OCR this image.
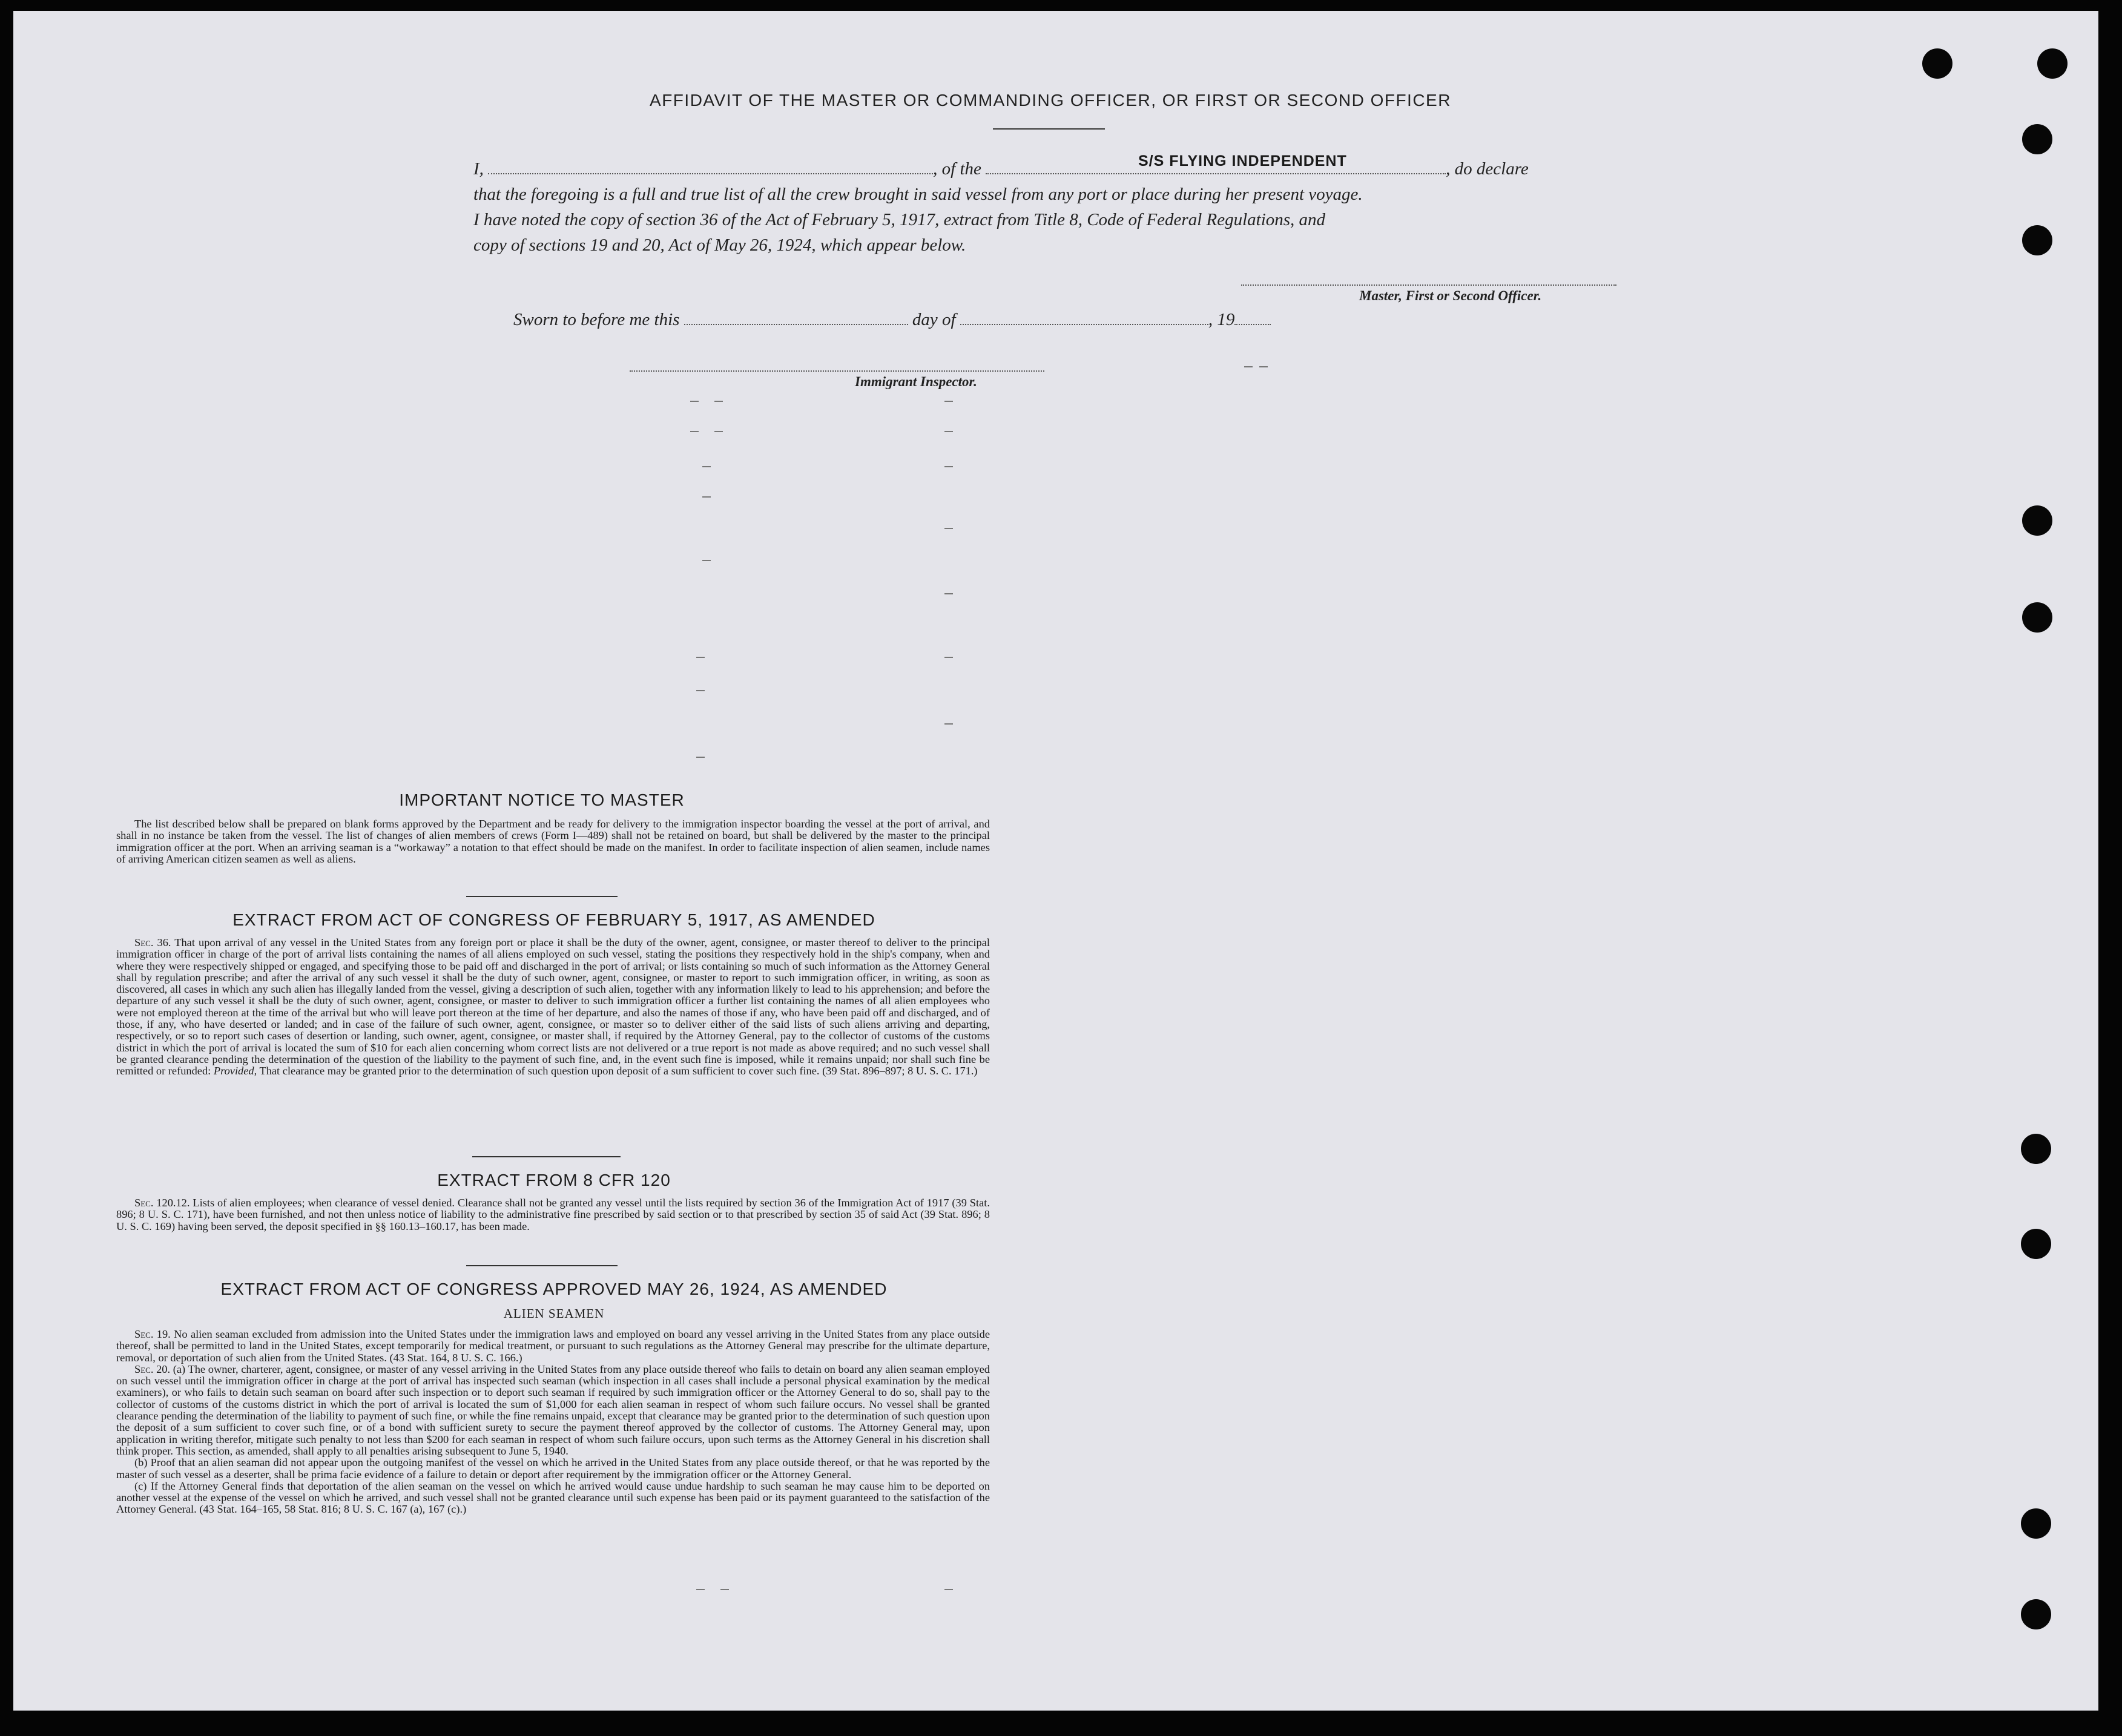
AFFIDAVIT OF THE MASTER OR COMMANDING OFFICER, OR FIRST OR SECOND OFFICER
I,	, of the	, do declare
that the foregoing is a full and true list of all the crew brought in said vessel from any port or place during her present voyage.
I have noted the copy of section 36 of the Act of February 5, 1917, extract from Title 8, Code of Federal Regulations, and
copy of sections 19 and 20, Act of May 26, 1924, which appear below.
S/S FLYING INDEPENDENT
Master, First or Second Officer.
Sworn to before me this	day of	, 19
Immigrant Inspector.
IMPORTANT NOTICE TO MASTER

The list described below shall be prepared on blank forms approved by the Department and be ready for delivery to the immigration inspector boarding the vessel at the port of arrival, and shall in no instance be taken from the vessel. The list of changes of alien members of crews (Form I—489) shall not be retained on board, but shall be delivered by the master to the principal immigration officer at the port. When an arriving seaman is a “workaway” a notation to that effect should be made on the manifest. In order to facilitate inspection of alien seamen, include names of arriving American citizen seamen as well as aliens.

EXTRACT FROM ACT OF CONGRESS OF FEBRUARY 5, 1917, AS AMENDED

Sec. 36. That upon arrival of any vessel in the United States from any foreign port or place it shall be the duty of the owner, agent, consignee, or master thereof to deliver to the principal immigration officer in charge of the port of arrival lists containing the names of all aliens employed on such vessel, stating the positions they respectively hold in the ship's company, when and where they were respectively shipped or engaged, and specifying those to be paid off and discharged in the port of arrival; or lists containing so much of such information as the Attorney General shall by regulation prescribe; and after the arrival of any such vessel it shall be the duty of such owner, agent, consignee, or master to report to such immigration officer, in writing, as soon as discovered, all cases in which any such alien has illegally landed from the vessel, giving a description of such alien, together with any information likely to lead to his apprehension; and before the departure of any such vessel it shall be the duty of such owner, agent, consignee, or master to deliver to such immigration officer a further list containing the names of all alien employees who were not employed thereon at the time of the arrival but who will leave port thereon at the time of her departure, and also the names of those if any, who have been paid off and discharged, and of those, if any, who have deserted or landed; and in case of the failure of such owner, agent, consignee, or master so to deliver either of the said lists of such aliens arriving and departing, respectively, or so to report such cases of desertion or landing, such owner, agent, consignee, or master shall, if required by the Attorney General, pay to the collector of customs of the customs district in which the port of arrival is located the sum of $10 for each alien concerning whom correct lists are not delivered or a true report is not made as above required; and no such vessel shall be granted clearance pending the determination of the question of the liability to the payment of such fine, and, in the event such fine is imposed, while it remains unpaid; nor shall such fine be remitted or refunded: Provided, That clearance may be granted prior to the determination of such question upon deposit of a sum sufficient to cover such fine. (39 Stat. 896–897; 8 U. S. C. 171.)

EXTRACT FROM 8 CFR 120

Sec. 120.12. Lists of alien employees; when clearance of vessel denied. Clearance shall not be granted any vessel until the lists required by section 36 of the Immigration Act of 1917 (39 Stat. 896; 8 U. S. C. 171), have been furnished, and not then unless notice of liability to the administrative fine prescribed by said section or to that prescribed by section 35 of said Act (39 Stat. 896; 8 U. S. C. 169) having been served, the deposit specified in §§ 160.13–160.17, has been made.

EXTRACT FROM ACT OF CONGRESS APPROVED MAY 26, 1924, AS AMENDED
ALIEN SEAMEN

Sec. 19. No alien seaman excluded from admission into the United States under the immigration laws and employed on board any vessel arriving in the United States from any place outside thereof, shall be permitted to land in the United States, except temporarily for medical treatment, or pursuant to such regulations as the Attorney General may prescribe for the ultimate departure, removal, or deportation of such alien from the United States. (43 Stat. 164, 8 U. S. C. 166.)

Sec. 20. (a) The owner, charterer, agent, consignee, or master of any vessel arriving in the United States from any place outside thereof who fails to detain on board any alien seaman employed on such vessel until the immigration officer in charge at the port of arrival has inspected such seaman (which inspection in all cases shall include a personal physical examination by the medical examiners), or who fails to detain such seaman on board after such inspection or to deport such seaman if required by such immigration officer or the Attorney General to do so, shall pay to the collector of customs of the customs district in which the port of arrival is located the sum of $1,000 for each alien seaman in respect of whom such failure occurs. No vessel shall be granted clearance pending the determination of the liability to payment of such fine, or while the fine remains unpaid, except that clearance may be granted prior to the determination of such question upon the deposit of a sum sufficient to cover such fine, or of a bond with sufficient surety to secure the payment thereof approved by the collector of customs. The Attorney General may, upon application in writing therefor, mitigate such penalty to not less than $200 for each seaman in respect of whom such failure occurs, upon such terms as the Attorney General in his discretion shall think proper. This section, as amended, shall apply to all penalties arising subsequent to June 5, 1940.

(b) Proof that an alien seaman did not appear upon the outgoing manifest of the vessel on which he arrived in the United States from any place outside thereof, or that he was reported by the master of such vessel as a deserter, shall be prima facie evidence of a failure to detain or deport after requirement by the immigration officer or the Attorney General.

(c) If the Attorney General finds that deportation of the alien seaman on the vessel on which he arrived would cause undue hardship to such seaman he may cause him to be deported on another vessel at the expense of the vessel on which he arrived, and such vessel shall not be granted clearance until such expense has been paid or its payment guaranteed to the satisfaction of the Attorney General. (43 Stat. 164–165, 58 Stat. 816; 8 U. S. C. 167 (a), 167 (c).)
